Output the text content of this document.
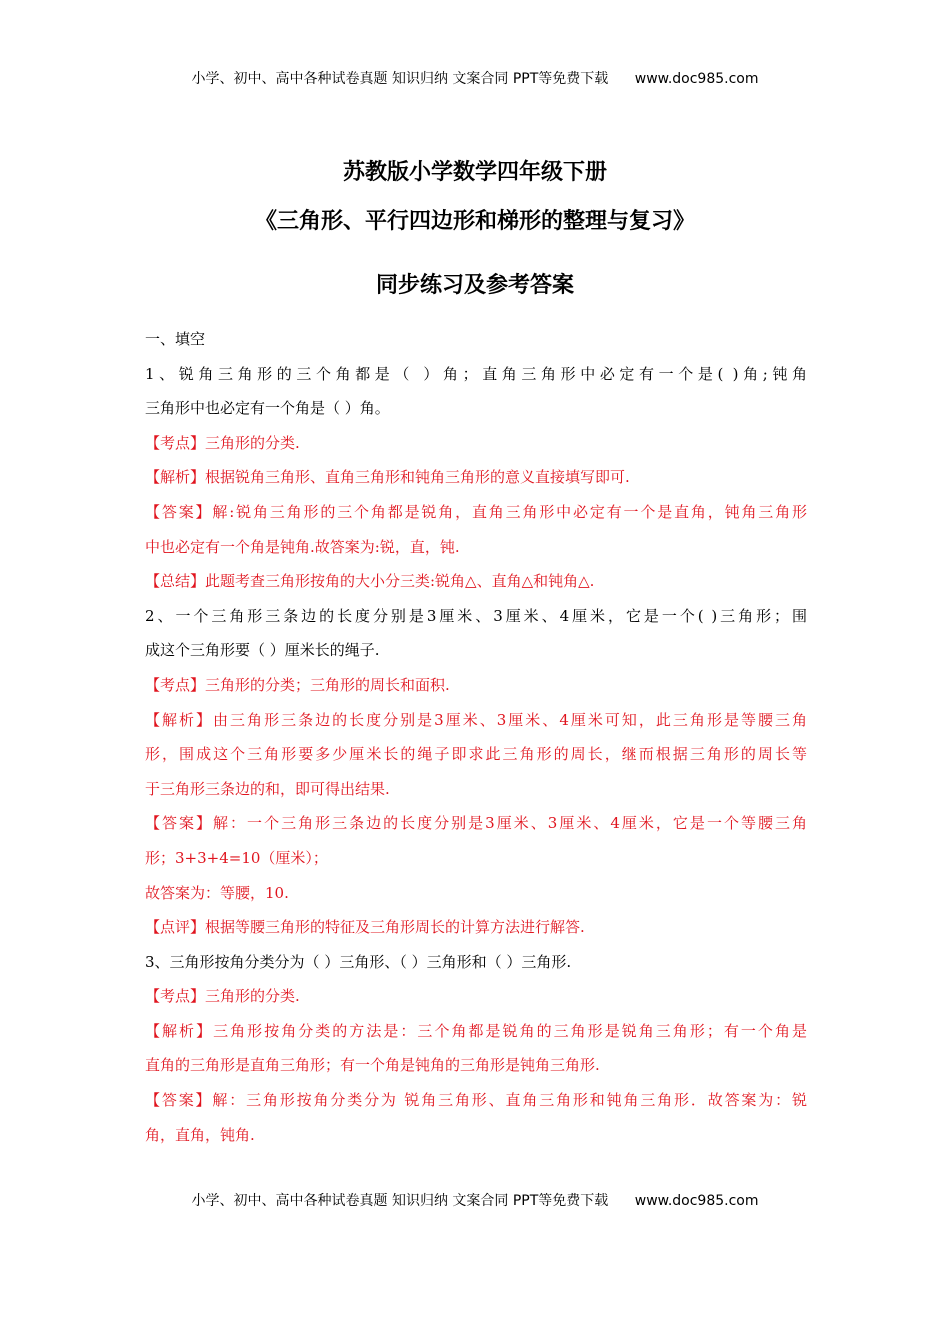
小学、初中、高中各种试卷真题 知识归纳 文案合同 PPT等免费下载 www.doc985.com
苏教版小学数学四年级下册
《三角形、平行四边形和梯形的整理与复习》
同步练习及参考答案
一、填空
1、锐角三角形的三个角都是（ ）角；直角三角形中必定有一个是( )角;钝角
三角形中也必定有一个角是（ ）角。
【考点】三角形的分类.
【解析】根据锐角三角形、直角三角形和钝角三角形的意义直接填写即可.
【答案】解:锐角三角形的三个角都是锐角，直角三角形中必定有一个是直角，钝角三角形
中也必定有一个角是钝角.故答案为:锐，直，钝.
【总结】此题考查三角形按角的大小分三类:锐角△、直角△和钝角△.
2、一个三角形三条边的长度分别是3厘米、3厘米、4厘米，它是一个( )三角形；围
成这个三角形要（ ）厘米长的绳子.
【考点】三角形的分类；三角形的周长和面积.
【解析】由三角形三条边的长度分别是3厘米、3厘米、4厘米可知，此三角形是等腰三角
形，围成这个三角形要多少厘米长的绳子即求此三角形的周长，继而根据三角形的周长等
于三角形三条边的和，即可得出结果.
【答案】解：一个三角形三条边的长度分别是3厘米、3厘米、4厘米，它是一个等腰三角
形；3+3+4=10（厘米）；
故答案为：等腰，10.
【点评】根据等腰三角形的特征及三角形周长的计算方法进行解答.
3、三角形按角分类分为（ ）三角形、（ ）三角形和（ ）三角形.
【考点】三角形的分类.
【解析】三角形按角分类的方法是：三个角都是锐角的三角形是锐角三角形；有一个角是
直角的三角形是直角三角形；有一个角是钝角的三角形是钝角三角形.
【答案】解：三角形按角分类分为 锐角三角形、直角三角形和钝角三角形．故答案为：锐
角，直角，钝角.
小学、初中、高中各种试卷真题 知识归纳 文案合同 PPT等免费下载 www.doc985.com
